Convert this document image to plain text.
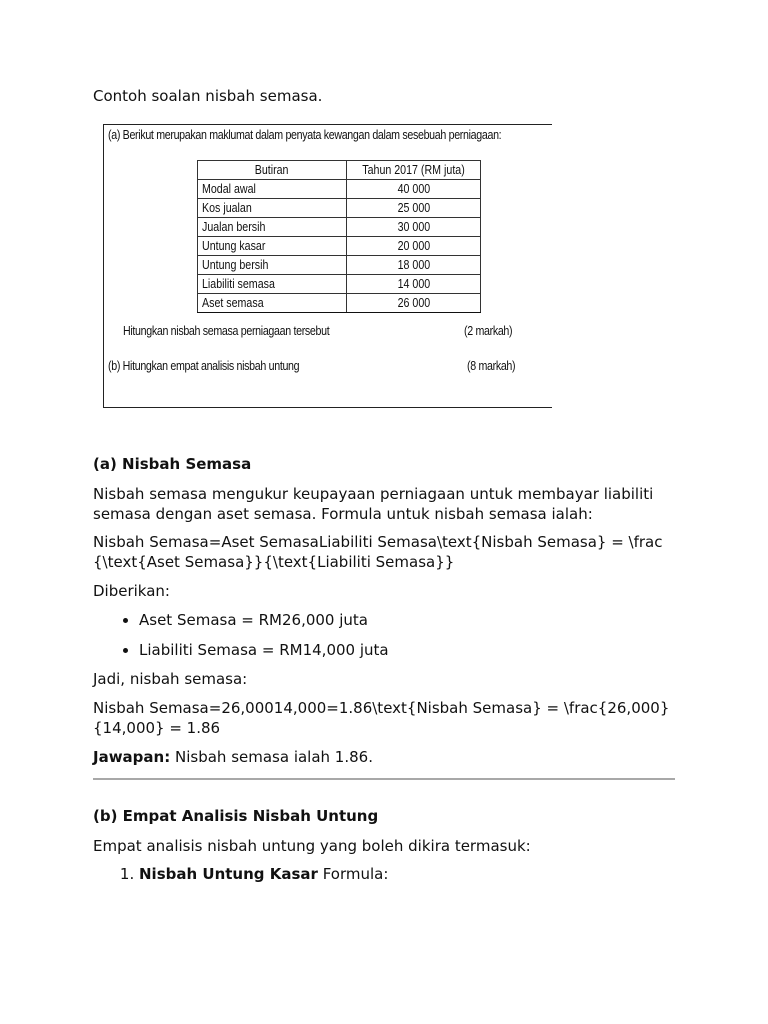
Contoh soalan nisbah semasa.

(a) Berikut merupakan maklumat dalam penyata kewangan dalam sesebuah perniagaan:
Butiran	Tahun 2017 (RM juta)
Modal awal	40 000
Kos jualan	25 000
Jualan bersih	30 000
Untung kasar	20 000
Untung bersih	18 000
Liabiliti semasa	14 000
Aset semasa	26 000
Hitungkan nisbah semasa perniagaan tersebut	(2 markah)
(b) Hitungkan empat analisis nisbah untung	(8 markah)

(a) Nisbah Semasa

Nisbah semasa mengukur keupayaan perniagaan untuk membayar liabiliti semasa dengan aset semasa. Formula untuk nisbah semasa ialah:

Nisbah Semasa=Aset SemasaLiabiliti Semasa\text{Nisbah Semasa} = \frac{\text{Aset Semasa}}{\text{Liabiliti Semasa}}

Diberikan:

• Aset Semasa = RM26,000 juta
• Liabiliti Semasa = RM14,000 juta

Jadi, nisbah semasa:

Nisbah Semasa=26,00014,000=1.86\text{Nisbah Semasa} = \frac{26,000}{14,000} = 1.86

Jawapan: Nisbah semasa ialah 1.86.

(b) Empat Analisis Nisbah Untung

Empat analisis nisbah untung yang boleh dikira termasuk:

1. Nisbah Untung Kasar Formula:
